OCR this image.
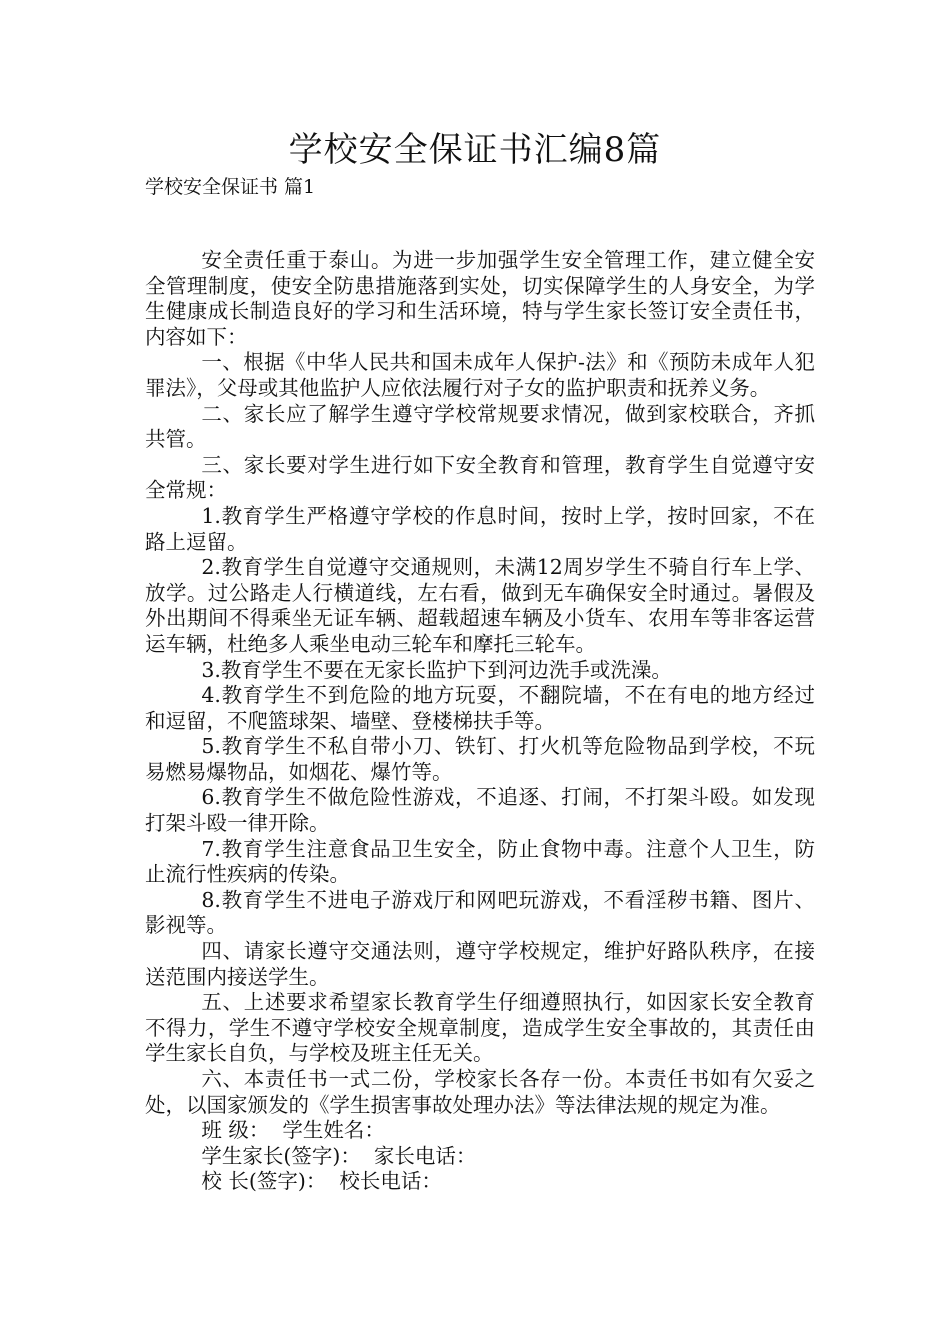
学校安全保证书汇编8篇

学校安全保证书 篇1

安全责任重于泰山。为进一步加强学生安全管理工作，建立健全安全管理制度，使安全防患措施落到实处，切实保障学生的人身安全，为学生健康成长制造良好的学习和生活环境，特与学生家长签订安全责任书，内容如下：

一、根据《中华人民共和国未成年人保护-法》和《预防未成年人犯罪法》，父母或其他监护人应依法履行对子女的监护职责和抚养义务。

二、家长应了解学生遵守学校常规要求情况，做到家校联合，齐抓共管。

三、家长要对学生进行如下安全教育和管理，教育学生自觉遵守安全常规：

1.教育学生严格遵守学校的作息时间，按时上学，按时回家，不在路上逗留。

2.教育学生自觉遵守交通规则，未满12周岁学生不骑自行车上学、放学。过公路走人行横道线，左右看，做到无车确保安全时通过。暑假及外出期间不得乘坐无证车辆、超载超速车辆及小货车、农用车等非客运营运车辆，杜绝多人乘坐电动三轮车和摩托三轮车。

3.教育学生不要在无家长监护下到河边洗手或洗澡。

4.教育学生不到危险的地方玩耍，不翻院墙，不在有电的地方经过和逗留，不爬篮球架、墙壁、登楼梯扶手等。

5.教育学生不私自带小刀、铁钉、打火机等危险物品到学校，不玩易燃易爆物品，如烟花、爆竹等。

6.教育学生不做危险性游戏，不追逐、打闹，不打架斗殴。如发现打架斗殴一律开除。

7.教育学生注意食品卫生安全，防止食物中毒。注意个人卫生，防止流行性疾病的传染。

8.教育学生不进电子游戏厅和网吧玩游戏，不看淫秽书籍、图片、影视等。

四、请家长遵守交通法则，遵守学校规定，维护好路队秩序，在接送范围内接送学生。

五、上述要求希望家长教育学生仔细遵照执行，如因家长安全教育不得力，学生不遵守学校安全规章制度，造成学生安全事故的，其责任由学生家长自负，与学校及班主任无关。

六、本责任书一式二份，学校家长各存一份。本责任书如有欠妥之处，以国家颁发的《学生损害事故处理办法》等法律法规的规定为准。

班 级：  学生姓名：

学生家长(签字)：  家长电话：

校 长(签字)：  校长电话：
